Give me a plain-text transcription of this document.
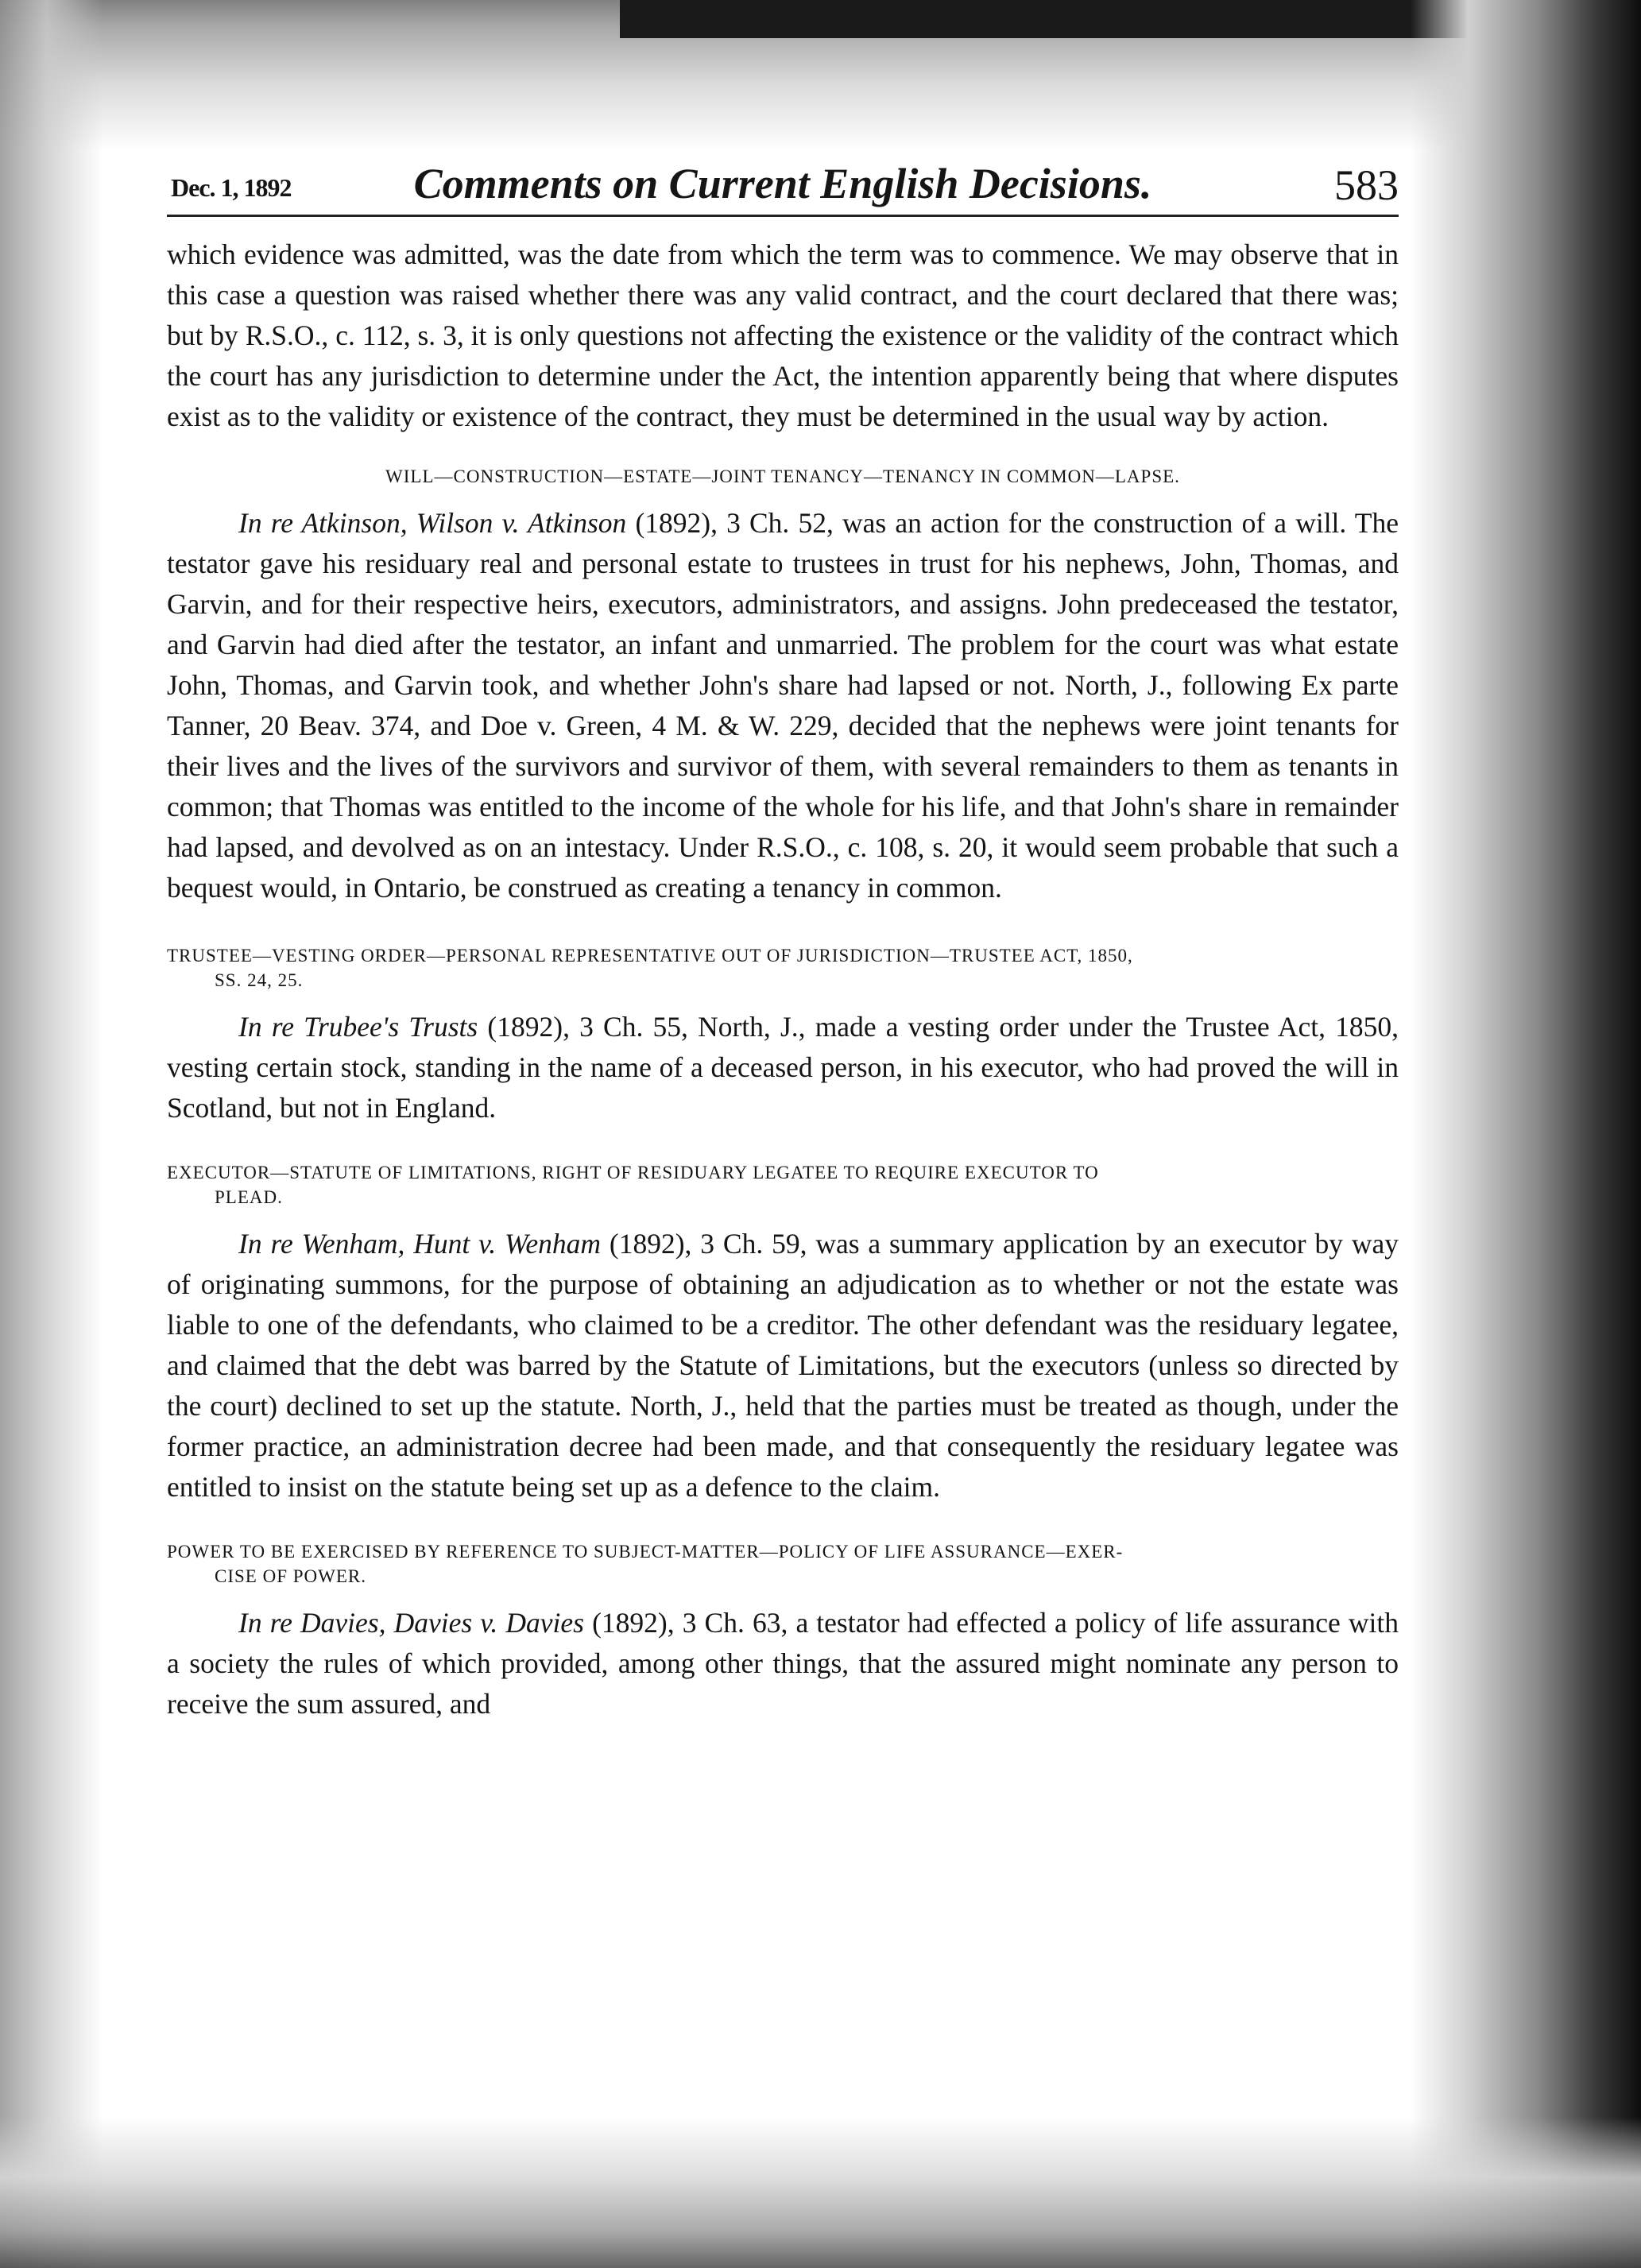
Dec. 1, 1892	Comments on Current English Decisions.	583

which evidence was admitted, was the date from which the term was to commence. We may observe that in this case a question was raised whether there was any valid contract, and the court declared that there was; but by R.S.O., c. 112, s. 3, it is only questions not affecting the existence or the validity of the contract which the court has any jurisdiction to determine under the Act, the intention apparently being that where disputes exist as to the validity or existence of the contract, they must be determined in the usual way by action.

WILL—CONSTRUCTION—ESTATE—JOINT TENANCY—TENANCY IN COMMON—LAPSE.

In re Atkinson, Wilson v. Atkinson (1892), 3 Ch. 52, was an action for the construction of a will. The testator gave his residuary real and personal estate to trustees in trust for his nephews, John, Thomas, and Garvin, and for their respective heirs, executors, administrators, and assigns. John predeceased the testator, and Garvin had died after the testator, an infant and unmarried. The problem for the court was what estate John, Thomas, and Garvin took, and whether John's share had lapsed or not. North, J., following Ex parte Tanner, 20 Beav. 374, and Doe v. Green, 4 M. & W. 229, decided that the nephews were joint tenants for their lives and the lives of the survivors and survivor of them, with several remainders to them as tenants in common; that Thomas was entitled to the income of the whole for his life, and that John's share in remainder had lapsed, and devolved as on an intestacy. Under R.S.O., c. 108, s. 20, it would seem probable that such a bequest would, in Ontario, be construed as creating a tenancy in common.

TRUSTEE—VESTING ORDER—PERSONAL REPRESENTATIVE OUT OF JURISDICTION—TRUSTEE ACT, 1850,
SS. 24, 25.

In re Trubee's Trusts (1892), 3 Ch. 55, North, J., made a vesting order under the Trustee Act, 1850, vesting certain stock, standing in the name of a deceased person, in his executor, who had proved the will in Scotland, but not in England.

EXECUTOR—STATUTE OF LIMITATIONS, RIGHT OF RESIDUARY LEGATEE TO REQUIRE EXECUTOR TO
PLEAD.

In re Wenham, Hunt v. Wenham (1892), 3 Ch. 59, was a summary application by an executor by way of originating summons, for the purpose of obtaining an adjudication as to whether or not the estate was liable to one of the defendants, who claimed to be a creditor. The other defendant was the residuary legatee, and claimed that the debt was barred by the Statute of Limitations, but the executors (unless so directed by the court) declined to set up the statute. North, J., held that the parties must be treated as though, under the former practice, an administration decree had been made, and that consequently the residuary legatee was entitled to insist on the statute being set up as a defence to the claim.

POWER TO BE EXERCISED BY REFERENCE TO SUBJECT-MATTER—POLICY OF LIFE ASSURANCE—EXER-
CISE OF POWER.

In re Davies, Davies v. Davies (1892), 3 Ch. 63, a testator had effected a policy of life assurance with a society the rules of which provided, among other things, that the assured might nominate any person to receive the sum assured, and
